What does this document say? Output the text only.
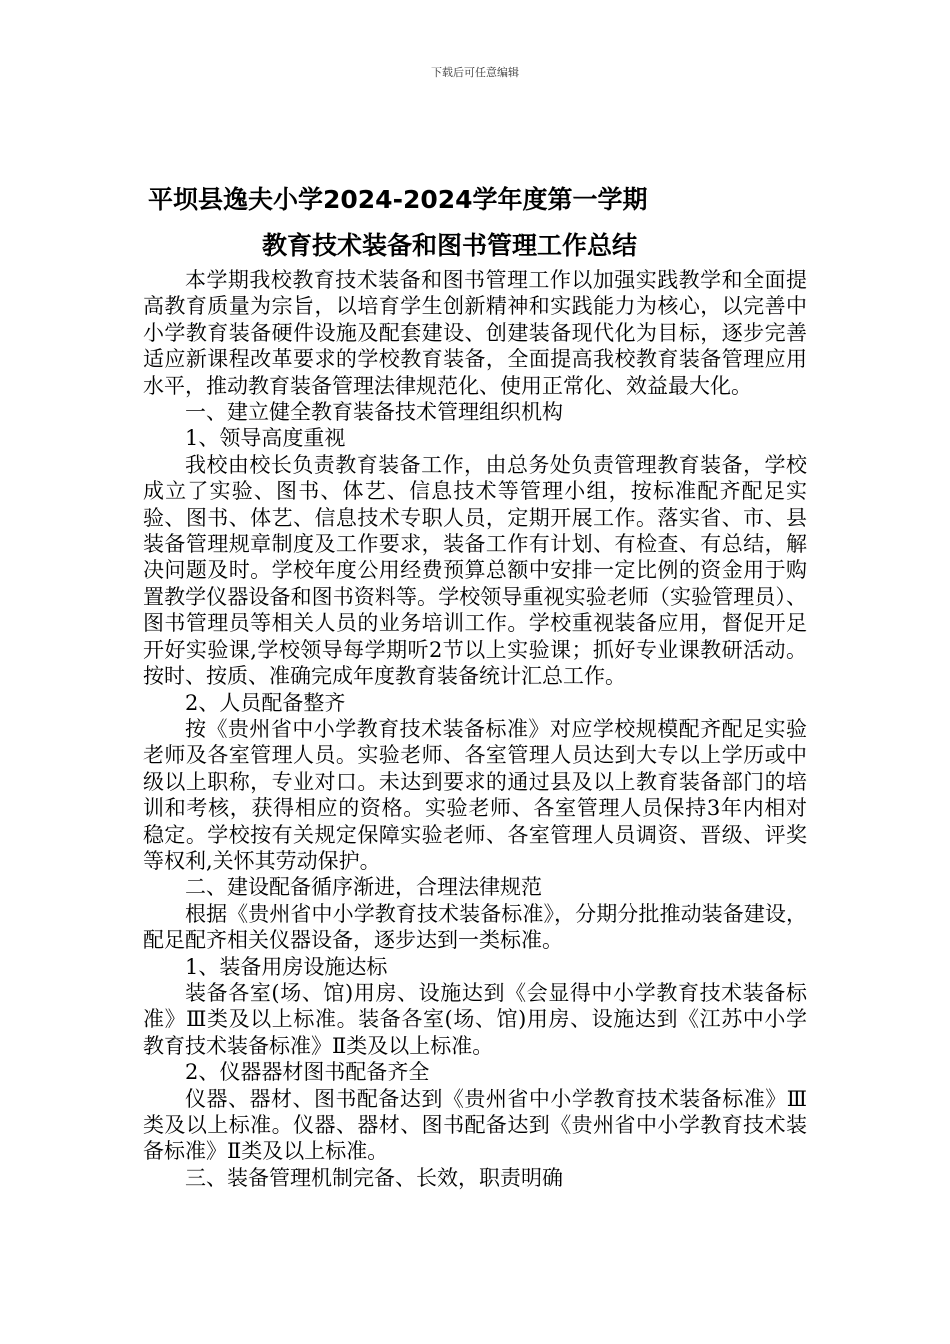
下载后可任意编辑
平坝县逸夫小学2024-2024学年度第一学期
教育技术装备和图书管理工作总结

本学期我校教育技术装备和图书管理工作以加强实践教学和全面提高教育质量为宗旨，以培育学生创新精神和实践能力为核心，以完善中小学教育装备硬件设施及配套建设、创建装备现代化为目标，逐步完善适应新课程改革要求的学校教育装备，全面提高我校教育装备管理应用水平，推动教育装备管理法律规范化、使用正常化、效益最大化。

一、建立健全教育装备技术管理组织机构

1、领导高度重视

我校由校长负责教育装备工作，由总务处负责管理教育装备，学校成立了实验、图书、体艺、信息技术等管理小组，按标准配齐配足实验、图书、体艺、信息技术专职人员，定期开展工作。落实省、市、县装备管理规章制度及工作要求，装备工作有计划、有检查、有总结，解决问题及时。学校年度公用经费预算总额中安排一定比例的资金用于购置教学仪器设备和图书资料等。学校领导重视实验老师（实验管理员）、图书管理员等相关人员的业务培训工作。学校重视装备应用，督促开足开好实验课,学校领导每学期听2节以上实验课；抓好专业课教研活动。按时、按质、准确完成年度教育装备统计汇总工作。

2、人员配备整齐

按《贵州省中小学教育技术装备标准》对应学校规模配齐配足实验老师及各室管理人员。实验老师、各室管理人员达到大专以上学历或中级以上职称，专业对口。未达到要求的通过县及以上教育装备部门的培训和考核，获得相应的资格。实验老师、各室管理人员保持3年内相对稳定。学校按有关规定保障实验老师、各室管理人员调资、晋级、评奖等权利,关怀其劳动保护。

二、建设配备循序渐进，合理法律规范

根据《贵州省中小学教育技术装备标准》，分期分批推动装备建设，配足配齐相关仪器设备，逐步达到一类标准。

1、装备用房设施达标

装备各室(场、馆)用房、设施达到《会显得中小学教育技术装备标准》Ⅲ类及以上标准。装备各室(场、馆)用房、设施达到《江苏中小学教育技术装备标准》Ⅱ类及以上标准。

2、仪器器材图书配备齐全

仪器、器材、图书配备达到《贵州省中小学教育技术装备标准》Ⅲ类及以上标准。仪器、器材、图书配备达到《贵州省中小学教育技术装备标准》Ⅱ类及以上标准。

三、装备管理机制完备、长效，职责明确
